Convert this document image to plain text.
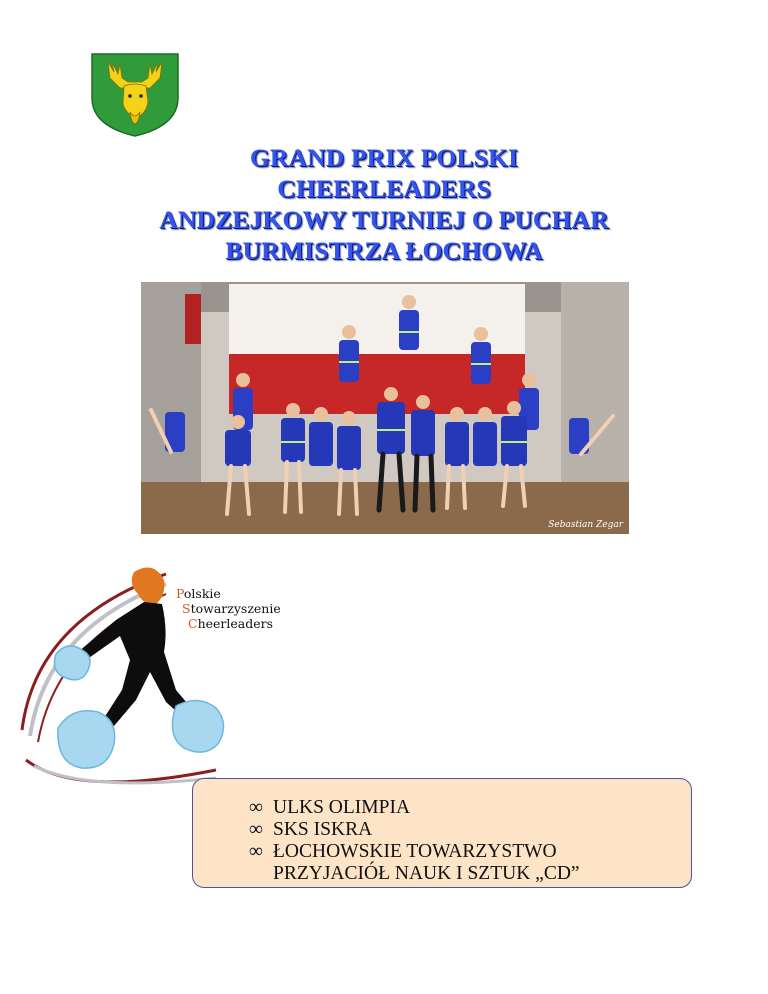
GRAND PRIX POLSKI
CHEERLEADERS
ANDZEJKOWY TURNIEJ O PUCHAR
BURMISTRZA ŁOCHOWA
Sebastian Zegar
Polskie
Stowarzyszenie
Cheerleaders
∞ ULKS OLIMPIA
∞ SKS ISKRA
∞ ŁOCHOWSKIE TOWARZYSTWO
PRZYJACIÓŁ NAUK I SZTUK „CD”
